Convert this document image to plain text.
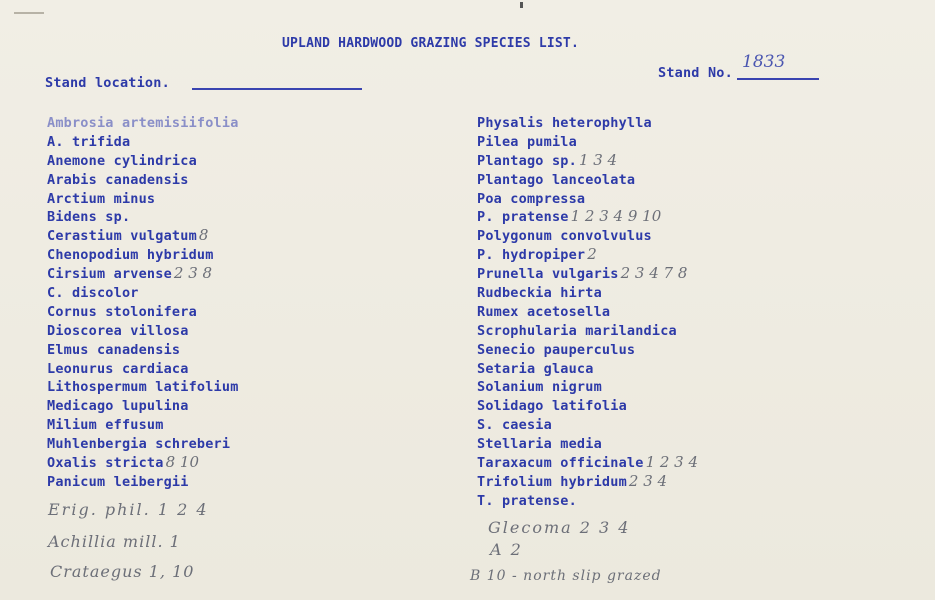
UPLAND HARDWOOD GRAZING SPECIES LIST.
Stand location.
Stand No.
1833
Ambrosia artemisiifolia
A. trifida
Anemone cylindrica
Arabis canadensis
Arctium minus
Bidens sp.
Cerastium vulgatum 8
Chenopodium hybridum
Cirsium arvense 2 3 8
C. discolor
Cornus stolonifera
Dioscorea villosa
Elmus canadensis
Leonurus cardiaca
Lithospermum latifolium
Medicago lupulina
Milium effusum
Muhlenbergia schreberi
Oxalis stricta 8 10
Panicum leibergii
Physalis heterophylla
Pilea pumila
Plantago sp. 1 3 4
Plantago lanceolata
Poa compressa
P. pratense 1 2 3 4 9 10
Polygonum convolvulus
P. hydropiper 2
Prunella vulgaris 2 3 4 7 8
Rudbeckia hirta
Rumex acetosella
Scrophularia marilandica
Senecio pauperculus
Setaria glauca
Solanium nigrum
Solidago latifolia
S. caesia
Stellaria media
Taraxacum officinale 1 2 3 4
Trifolium hybridum 2 3 4
T. pratense.
Erig. phil. 1 2 4
Achillia mill. 1
Crataegus 1, 10
Glecoma 2 3 4
A 2
B 10 - north slip grazed
